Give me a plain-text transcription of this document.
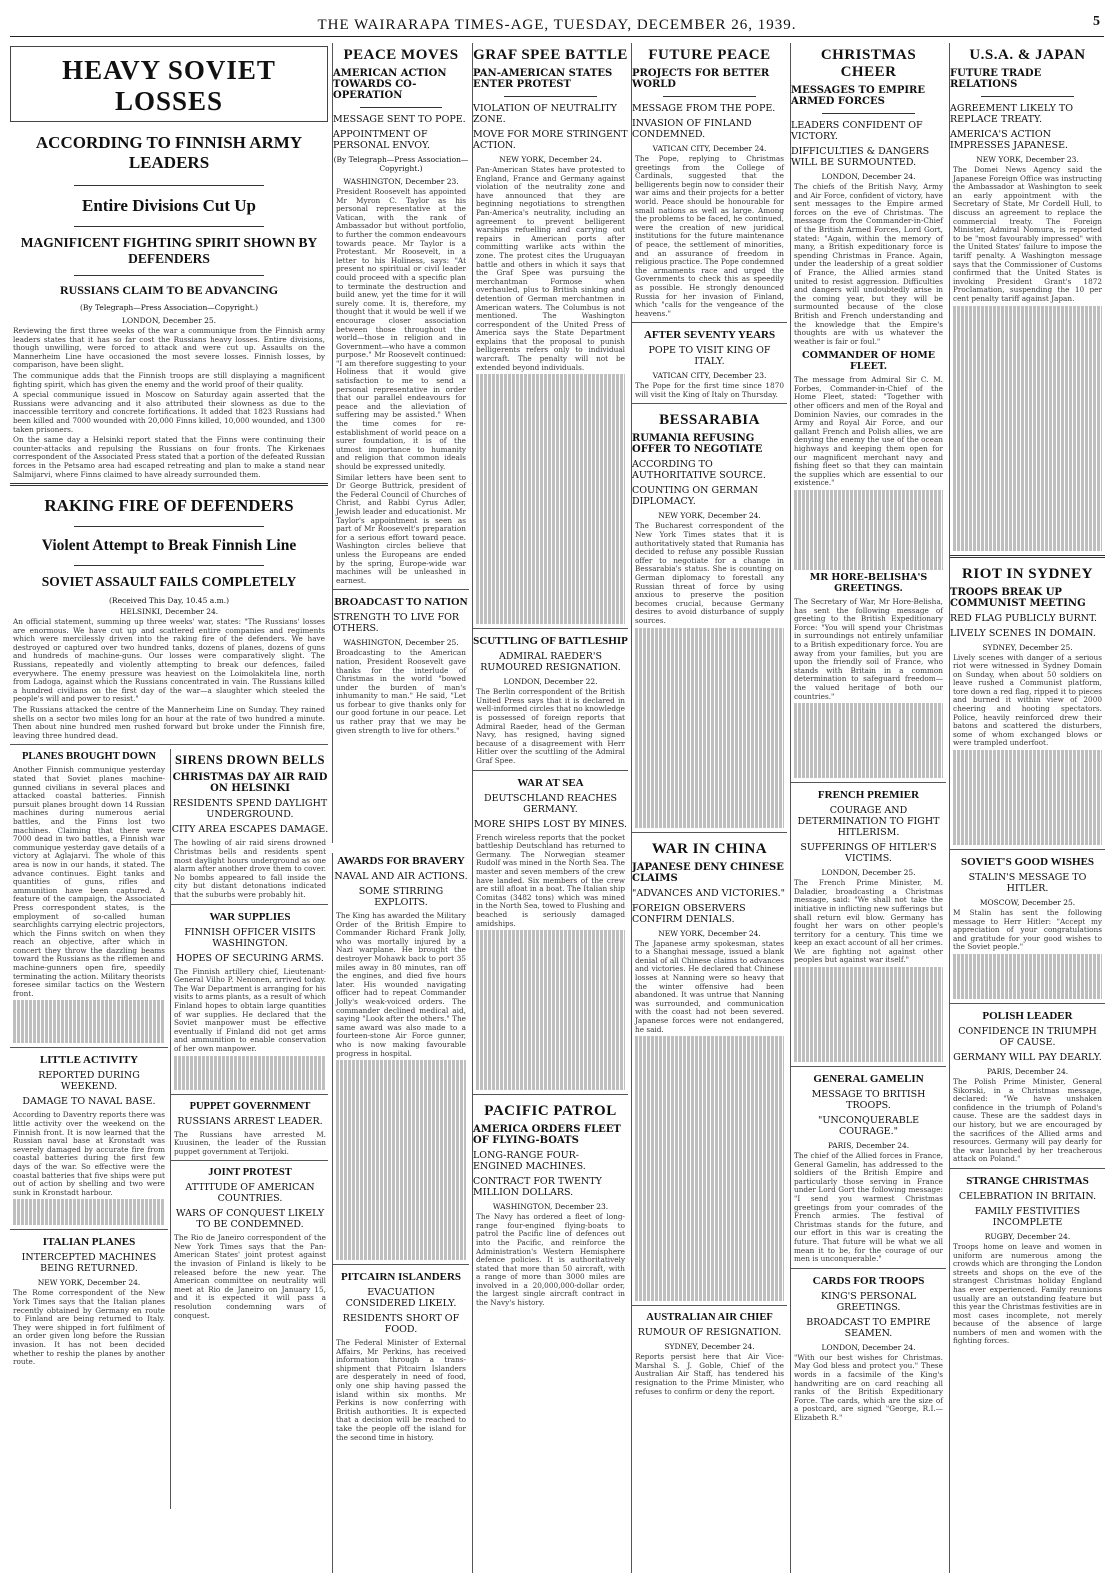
THE WAIRARAPA TIMES-AGE, TUESDAY, DECEMBER 26, 1939.	5
HEAVY SOVIET LOSSES
ACCORDING TO FINNISH ARMY LEADERS
Entire Divisions Cut Up
MAGNIFICENT FIGHTING SPIRIT SHOWN BY DEFENDERS
RUSSIANS CLAIM TO BE ADVANCING
(By Telegraph—Press Association—Copyright.)
LONDON, December 25.

Reviewing the first three weeks of the war a communique from the Finnish army leaders states that it has so far cost the Russians heavy losses. Entire divisions, though unwilling, were forced to attack and were cut up. Assaults on the Mannerheim Line have occasioned the most severe losses. Finnish losses, by comparison, have been slight.

The communique adds that the Finnish troops are still displaying a magnificent fighting spirit, which has given the enemy and the world proof of their quality.

A special communique issued in Moscow on Saturday again asserted that the Russians were advancing and it also attributed their slowness as due to the inaccessible territory and concrete fortifications. It added that 1823 Russians had been killed and 7000 wounded with 20,000 Finns killed, 10,000 wounded, and 1300 taken prisoners.

On the same day a Helsinki report stated that the Finns were continuing their counter-attacks and repulsing the Russians on four fronts. The Kirkenaes correspondent of the Associated Press stated that a portion of the defeated Russian forces in the Petsamo area had escaped retreating and plan to make a stand near Salmijarvi, where Finns claimed to have already surrounded them.

RAKING FIRE OF DEFENDERS
Violent Attempt to Break Finnish Line
SOVIET ASSAULT FAILS COMPLETELY
(Received This Day, 10.45 a.m.)
HELSINKI, December 24.

An official statement, summing up three weeks' war, states: "The Russians' losses are enormous. We have cut up and scattered entire companies and regiments which were mercilessly driven into the raking fire of the defenders. We have destroyed or captured over two hundred tanks, dozens of planes, dozens of guns and hundreds of machine-guns. Our losses were comparatively slight. The Russians, repeatedly and violently attempting to break our defences, failed everywhere. The enemy pressure was heaviest on the Loimolakitela line, north from Ladoga, against which the Russians concentrated in vain. The Russians killed a hundred civilians on the first day of the war—a slaughter which steeled the people's will and power to resist."

The Russians attacked the centre of the Mannerheim Line on Sunday. They rained shells on a sector two miles long for an hour at the rate of two hundred a minute. Then about nine hundred men rushed forward but broke under the Finnish fire, leaving three hundred dead.

PLANES BROUGHT DOWN

Another Finnish communique yesterday stated that Soviet planes machine-gunned civilians in several places and attacked coastal batteries. Finnish pursuit planes brought down 14 Russian machines during numerous aerial battles, and the Finns lost two machines. Claiming that there were 7000 dead in two battles, a Finnish war communique yesterday gave details of a victory at Aglajarvi. The whole of this area is now in our hands, it stated. The advance continues. Eight tanks and quantities of guns, rifles and ammunition have been captured. A feature of the campaign, the Associated Press correspondent states, is the employment of so-called human searchlights carrying electric projectors, which the Finns switch on when they reach an objective, after which in concert they throw the dazzling beams toward the Russians as the riflemen and machine-gunners open fire, speedily terminating the action. Military theorists foresee similar tactics on the Western front.

LITTLE ACTIVITY
REPORTED DURING WEEKEND.
DAMAGE TO NAVAL BASE.

According to Daventry reports there was little activity over the weekend on the Finnish front. It is now learned that the Russian naval base at Kronstadt was severely damaged by accurate fire from coastal batteries during the first few days of the war. So effective were the coastal batteries that five ships were put out of action by shelling and two were sunk in Kronstadt harbour.

ITALIAN PLANES
INTERCEPTED MACHINES BEING RETURNED.
NEW YORK, December 24.

The Rome correspondent of the New York Times says that the Italian planes recently obtained by Germany en route to Finland are being returned to Italy. They were shipped in fort fulfilment of an order given long before the Russian invasion. It has not been decided whether to reship the planes by another route.

SIRENS DROWN BELLS
CHRISTMAS DAY AIR RAID ON HELSINKI
RESIDENTS SPEND DAYLIGHT UNDERGROUND.
CITY AREA ESCAPES DAMAGE.

The howling of air raid sirens drowned Christmas bells and residents spent most daylight hours underground as one alarm after another drove them to cover. No bombs appeared to fall inside the city but distant detonations indicated that the suburbs were probably hit.

WAR SUPPLIES
FINNISH OFFICER VISITS WASHINGTON.
HOPES OF SECURING ARMS.

The Finnish artillery chief, Lieutenant-General Vilho P. Nenonen, arrived today. The War Department is arranging for his visits to arms plants, as a result of which Finland hopes to obtain large quantities of war supplies. He declared that the Soviet manpower must be effective eventually if Finland did not get arms and ammunition to enable conservation of her own manpower.

PUPPET GOVERNMENT
RUSSIANS ARREST LEADER.

The Russians have arrested M. Kuusinen, the leader of the Russian puppet government at Terijoki.

JOINT PROTEST
ATTITUDE OF AMERICAN COUNTRIES.
WARS OF CONQUEST LIKELY TO BE CONDEMNED.

The Rio de Janeiro correspondent of the New York Times says that the Pan-American States' joint protest against the invasion of Finland is likely to be released before the new year. The American committee on neutrality will meet at Rio de Janeiro on January 15, and it is expected it will pass a resolution condemning wars of conquest.

PEACE MOVES
AMERICAN ACTION TOWARDS CO-OPERATION
MESSAGE SENT TO POPE.
APPOINTMENT OF PERSONAL ENVOY.
(By Telegraph—Press Association—Copyright.)
WASHINGTON, December 23.

President Roosevelt has appointed Mr Myron C. Taylor as his personal representative at the Vatican, with the rank of Ambassador but without portfolio, to further the common endeavours towards peace. Mr Taylor is a Protestant. Mr Roosevelt, in a letter to his Holiness, says: "At present no spiritual or civil leader could proceed with a specific plan to terminate the destruction and build anew, yet the time for it will surely come. It is, therefore, my thought that it would be well if we encourage closer association between those throughout the world—those in religion and in Government—who have a common purpose." Mr Roosevelt continued: "I am therefore suggesting to your Holiness that it would give satisfaction to me to send a personal representative in order that our parallel endeavours for peace and the alleviation of suffering may be assisted." When the time comes for re-establishment of world peace on a surer foundation, it is of the utmost importance to humanity and religion that common ideals should be expressed unitedly.

Similar letters have been sent to Dr George Buttrick, president of the Federal Council of Churches of Christ, and Rabbi Cyrus Adler, Jewish leader and educationist. Mr Taylor's appointment is seen as part of Mr Roosevelt's preparation for a serious effort toward peace. Washington circles believe that unless the Europeans are ended by the spring, Europe-wide war machines will be unleashed in earnest.

BROADCAST TO NATION
STRENGTH TO LIVE FOR OTHERS.
WASHINGTON, December 25.

Broadcasting to the American nation, President Roosevelt gave thanks for the interlude of Christmas in the world "bowed under the burden of man's inhumanity to man." He said, "Let us forbear to give thanks only for our good fortune in our peace. Let us rather pray that we may be given strength to live for others."

AWARDS FOR BRAVERY
NAVAL AND AIR ACTIONS.
SOME STIRRING EXPLOITS.

The King has awarded the Military Order of the British Empire to Commander Richard Frank Jolly, who was mortally injured by a Nazi warplane. He brought the destroyer Mohawk back to port 35 miles away in 80 minutes, ran off the engines, and died five hours later. His wounded navigating officer had to repeat Commander Jolly's weak-voiced orders. The commander declined medical aid, saying "Look after the others." The same award was also made to a fourteen-stone Air Force gunner, who is now making favourable progress in hospital.

PITCAIRN ISLANDERS
EVACUATION CONSIDERED LIKELY.
RESIDENTS SHORT OF FOOD.

The Federal Minister of External Affairs, Mr Perkins, has received information through a trans-shipment that Pitcairn Islanders are desperately in need of food, only one ship having passed the island within six months. Mr Perkins is now conferring with British authorities. It is expected that a decision will be reached to take the people off the island for the second time in history.

GRAF SPEE BATTLE
PAN-AMERICAN STATES ENTER PROTEST
VIOLATION OF NEUTRALITY ZONE.
MOVE FOR MORE STRINGENT ACTION.
NEW YORK, December 24.

Pan-American States have protested to England, France and Germany against violation of the neutrality zone and have announced that they are beginning negotiations to strengthen Pan-America's neutrality, including an agreement to prevent belligerent warships refuelling and carrying out repairs in American ports after committing warlike acts within the zone. The protest cites the Uruguayan battle and others in which it says that the Graf Spee was pursuing the merchantman Formose when overhauled, plus to British sinking and detention of German merchantmen in American waters. The Columbus is not mentioned. The Washington correspondent of the United Press of America says the State Department explains that the proposal to punish belligerents refers only to individual warcraft. The penalty will not be extended beyond individuals.

SCUTTLING OF BATTLESHIP
ADMIRAL RAEDER'S RUMOURED RESIGNATION.
LONDON, December 22.

The Berlin correspondent of the British United Press says that it is declared in well-informed circles that no knowledge is possessed of foreign reports that Admiral Raeder, head of the German Navy, has resigned, having signed because of a disagreement with Herr Hitler over the scuttling of the Admiral Graf Spee.

WAR AT SEA
DEUTSCHLAND REACHES GERMANY.
MORE SHIPS LOST BY MINES.

French wireless reports that the pocket battleship Deutschland has returned to Germany. The Norwegian steamer Rudolf was mined in the North Sea. The master and seven members of the crew have landed. Six members of the crew are still afloat in a boat. The Italian ship Comitas (3482 tons) which was mined in the North Sea, towed to Flushing and beached is seriously damaged amidships.

PACIFIC PATROL
AMERICA ORDERS FLEET OF FLYING-BOATS
LONG-RANGE FOUR-ENGINED MACHINES.
CONTRACT FOR TWENTY MILLION DOLLARS.
WASHINGTON, December 23.

The Navy has ordered a fleet of long-range four-engined flying-boats to patrol the Pacific line of defences out into the Pacific, and reinforce the Administration's Western Hemisphere defence policies. It is authoritatively stated that more than 50 aircraft, with a range of more than 3000 miles are involved in a 20,000,000-dollar order, the largest single aircraft contract in the Navy's history.

FUTURE PEACE
PROJECTS FOR BETTER WORLD
MESSAGE FROM THE POPE.
INVASION OF FINLAND CONDEMNED.
VATICAN CITY, December 24.

The Pope, replying to Christmas greetings from the College of Cardinals, suggested that the belligerents begin now to consider their war aims and their projects for a better world. Peace should be honourable for small nations as well as large. Among the problems to be faced, he continued, were the creation of new juridical institutions for the future maintenance of peace, the settlement of minorities, and an assurance of freedom in religious practice. The Pope condemned the armaments race and urged the Governments to check this as speedily as possible. He strongly denounced Russia for her invasion of Finland, which "calls for the vengeance of the heavens."

AFTER SEVENTY YEARS
POPE TO VISIT KING OF ITALY.
VATICAN CITY, December 23.

The Pope for the first time since 1870 will visit the King of Italy on Thursday.

BESSARABIA
RUMANIA REFUSING OFFER TO NEGOTIATE
ACCORDING TO AUTHORITATIVE SOURCE.
COUNTING ON GERMAN DIPLOMACY.
NEW YORK, December 24.

The Bucharest correspondent of the New York Times states that it is authoritatively stated that Rumania has decided to refuse any possible Russian offer to negotiate for a change in Bessarabia's status. She is counting on German diplomacy to forestall any Russian threat of force by using anxious to preserve the position becomes crucial, because Germany desires to avoid disturbance of supply sources.

WAR IN CHINA
JAPANESE DENY CHINESE CLAIMS
"ADVANCES AND VICTORIES."
FOREIGN OBSERVERS CONFIRM DENIALS.
NEW YORK, December 24.

The Japanese army spokesman, states to a Shanghai message, issued a blank denial of all Chinese claims to advances and victories. He declared that Chinese losses at Nanning were so heavy that the winter offensive had been abandoned. It was untrue that Nanning was surrounded, and communication with the coast had not been severed. Japanese forces were not endangered, he said.

AUSTRALIAN AIR CHIEF
RUMOUR OF RESIGNATION.
SYDNEY, December 24.

Reports persist here that Air Vice-Marshal S. J. Goble, Chief of the Australian Air Staff, has tendered his resignation to the Prime Minister, who refuses to confirm or deny the report.

CHRISTMAS CHEER
MESSAGES TO EMPIRE ARMED FORCES
LEADERS CONFIDENT OF VICTORY.
DIFFICULTIES & DANGERS WILL BE SURMOUNTED.
LONDON, December 24.

The chiefs of the British Navy, Army and Air Force, confident of victory, have sent messages to the Empire armed forces on the eve of Christmas. The message from the Commander-in-Chief of the British Armed Forces, Lord Gort, stated: "Again, within the memory of many, a British expeditionary force is spending Christmas in France. Again, under the leadership of a great soldier of France, the Allied armies stand united to resist aggression. Difficulties and dangers will undoubtedly arise in the coming year, but they will be surmounted because of the close British and French understanding and the knowledge that the Empire's thoughts are with us whatever the weather is fair or foul."

COMMANDER OF HOME FLEET.

The message from Admiral Sir C. M. Forbes, Commander-in-Chief of the Home Fleet, stated: "Together with other officers and men of the Royal and Dominion Navies, our comrades in the Army and Royal Air Force, and our gallant French and Polish allies, we are denying the enemy the use of the ocean highways and keeping them open for our magnificent merchant navy and fishing fleet so that they can maintain the supplies which are essential to our existence."

MR HORE-BELISHA'S GREETINGS.

The Secretary of War, Mr Hore-Belisha, has sent the following message of greeting to the British Expeditionary Force: "You will spend your Christmas in surroundings not entirely unfamiliar to a British expeditionary force. You are away from your families, but you are upon the friendly soil of France, who stands with Britain in a common determination to safeguard freedom—the valued heritage of both our countries."

FRENCH PREMIER
COURAGE AND DETERMINATION TO FIGHT HITLERISM.
SUFFERINGS OF HITLER'S VICTIMS.
LONDON, December 25.

The French Prime Minister, M. Daladier, broadcasting a Christmas message, said: "We shall not take the initiative in inflicting new sufferings but shall return evil blow. Germany has fought her wars on other people's territory for a century. This time we keep an exact account of all her crimes. We are fighting not against other peoples but against war itself."

GENERAL GAMELIN
MESSAGE TO BRITISH TROOPS.
"UNCONQUERABLE COURAGE."
PARIS, December 24.

The chief of the Allied forces in France, General Gamelin, has addressed to the soldiers of the British Empire and particularly those serving in France under Lord Gort the following message: "I send you warmest Christmas greetings from your comrades of the French armies. The festival of Christmas stands for the future, and our effort in this war is creating the future. That future will be what we all mean it to be, for the courage of our men is unconquerable."

CARDS FOR TROOPS
KING'S PERSONAL GREETINGS.
BROADCAST TO EMPIRE SEAMEN.
LONDON, December 24.

"With our best wishes for Christmas. May God bless and protect you." These words in a facsimile of the King's handwriting are on card reaching all ranks of the British Expeditionary Force. The cards, which are the size of a postcard, are signed "George, R.I.—Elizabeth R."

U.S.A. & JAPAN
FUTURE TRADE RELATIONS
AGREEMENT LIKELY TO REPLACE TREATY.
AMERICA'S ACTION IMPRESSES JAPANESE.
NEW YORK, December 23.

The Domei News Agency said the Japanese Foreign Office was instructing the Ambassador at Washington to seek an early appointment with the Secretary of State, Mr Cordell Hull, to discuss an agreement to replace the commercial treaty. The Foreign Minister, Admiral Nomura, is reported to be "most favourably impressed" with the United States' failure to impose the tariff penalty. A Washington message says that the Commissioner of Customs confirmed that the United States is invoking President Grant's 1872 Proclamation, suspending the 10 per cent penalty tariff against Japan.

RIOT IN SYDNEY
TROOPS BREAK UP COMMUNIST MEETING
RED FLAG PUBLICLY BURNT.
LIVELY SCENES IN DOMAIN.
SYDNEY, December 25.

Lively scenes with danger of a serious riot were witnessed in Sydney Domain on Sunday, when about 50 soldiers on leave rushed a Communist platform, tore down a red flag, ripped it to pieces and burned it within view of 2000 cheering and hooting spectators. Police, heavily reinforced drew their batons and scattered the disturbers, some of whom exchanged blows or were trampled underfoot.

SOVIET'S GOOD WISHES
STALIN'S MESSAGE TO HITLER.
MOSCOW, December 25.

M Stalin has sent the following message to Herr Hitler: "Accept my appreciation of your congratulations and gratitude for your good wishes to the Soviet people."

POLISH LEADER
CONFIDENCE IN TRIUMPH OF CAUSE.
GERMANY WILL PAY DEARLY.
PARIS, December 24.

The Polish Prime Minister, General Sikorski, in a Christmas message, declared: "We have unshaken confidence in the triumph of Poland's cause. These are the saddest days in our history, but we are encouraged by the sacrifices of the Allied arms and resources. Germany will pay dearly for the war launched by her treacherous attack on Poland."

STRANGE CHRISTMAS
CELEBRATION IN BRITAIN.
FAMILY FESTIVITIES INCOMPLETE
RUGBY, December 24.

Troops home on leave and women in uniform are numerous among the crowds which are thronging the London streets and shops on the eve of the strangest Christmas holiday England has ever experienced. Family reunions usually are an outstanding feature but this year the Christmas festivities are in most cases incomplete, not merely because of the absence of large numbers of men and women with the fighting forces.
